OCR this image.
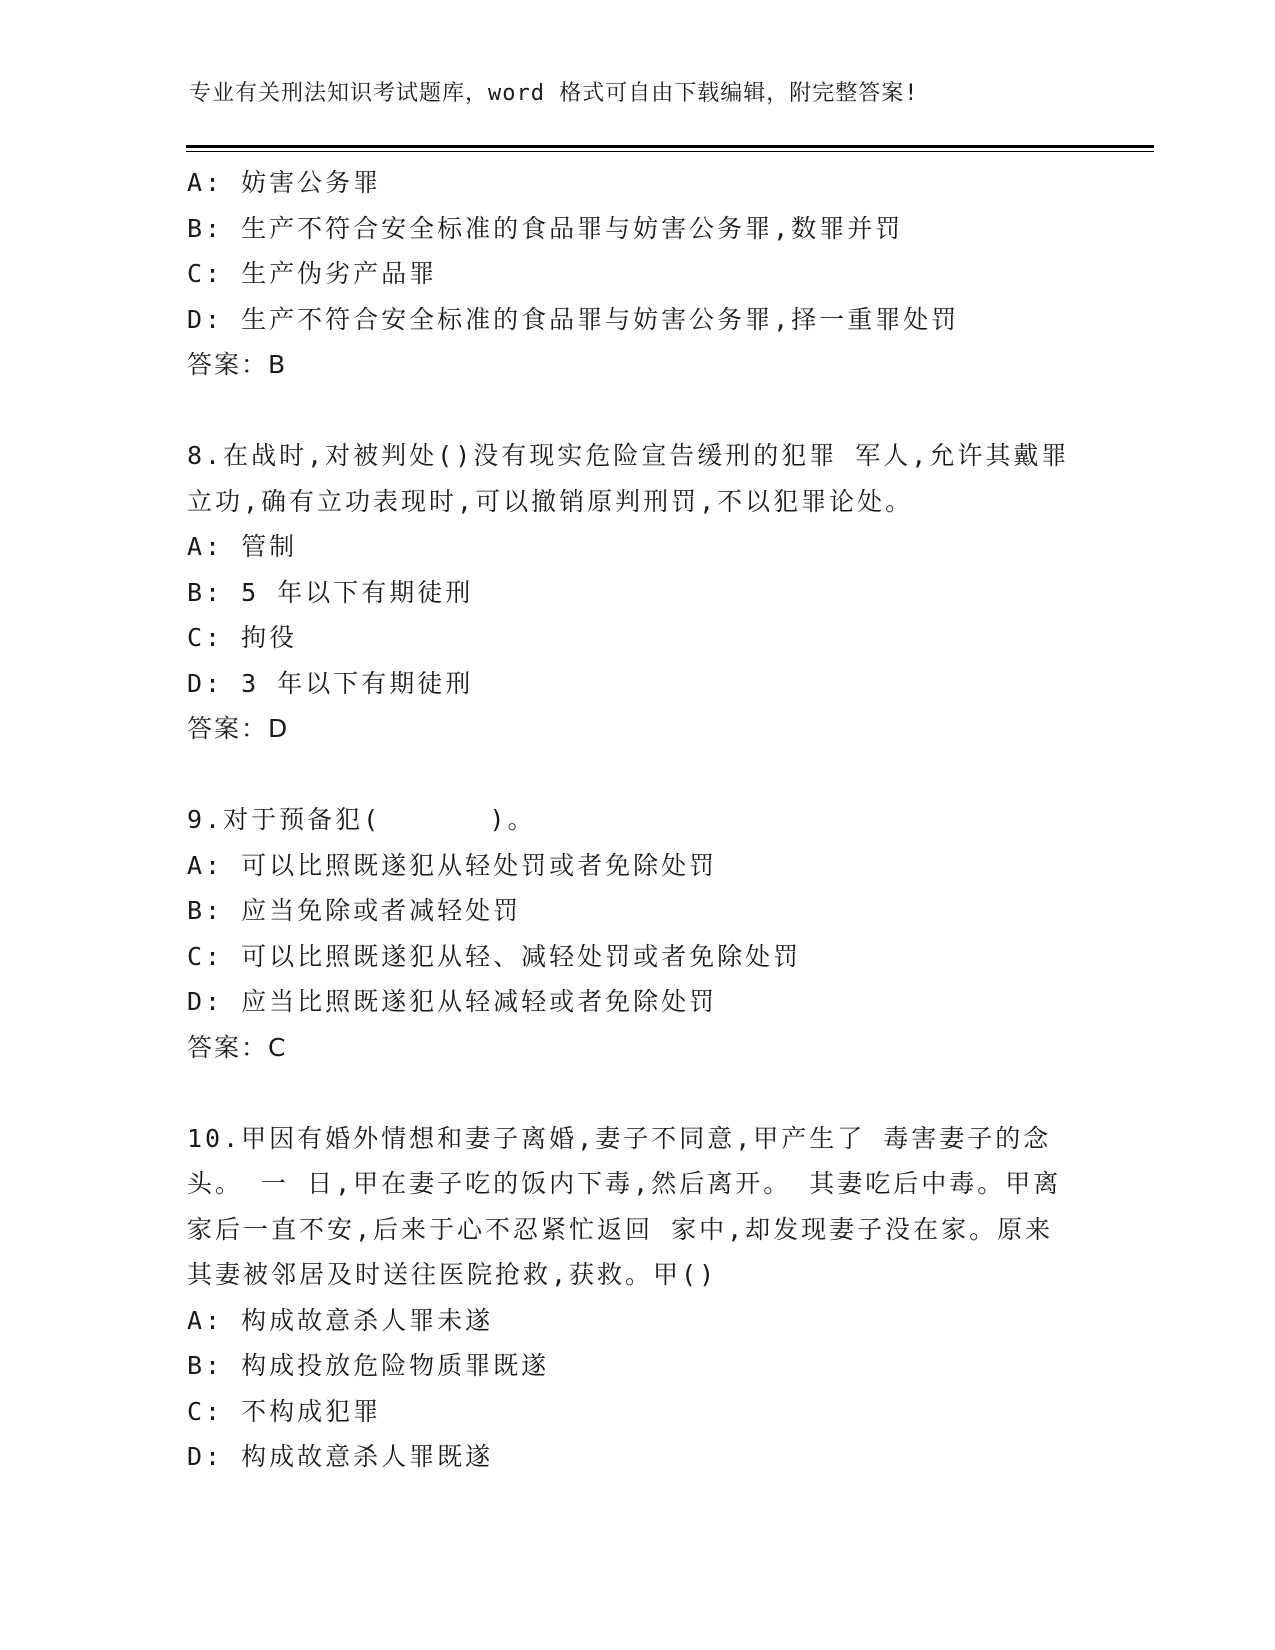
专业有关刑法知识考试题库，word 格式可自由下载编辑，附完整答案!
A: 妨害公务罪
B: 生产不符合安全标准的食品罪与妨害公务罪,数罪并罚
C: 生产伪劣产品罪
D: 生产不符合安全标准的食品罪与妨害公务罪,择一重罪处罚
答案：B
8.在战时,对被判处()没有现实危险宣告缓刑的犯罪 军人,允许其戴罪
立功,确有立功表现时,可以撤销原判刑罚,不以犯罪论处。
A: 管制
B: 5 年以下有期徒刑
C: 拘役
D: 3 年以下有期徒刑
答案：D
9.对于预备犯(      )。
A: 可以比照既遂犯从轻处罚或者免除处罚
B: 应当免除或者减轻处罚
C: 可以比照既遂犯从轻、减轻处罚或者免除处罚
D: 应当比照既遂犯从轻减轻或者免除处罚
答案：C
10.甲因有婚外情想和妻子离婚,妻子不同意,甲产生了 毒害妻子的念
头。 一 日,甲在妻子吃的饭内下毒,然后离开。 其妻吃后中毒。甲离
家后一直不安,后来于心不忍紧忙返回 家中,却发现妻子没在家。原来
其妻被邻居及时送往医院抢救,获救。甲()
A: 构成故意杀人罪未遂
B: 构成投放危险物质罪既遂
C: 不构成犯罪
D: 构成故意杀人罪既遂
